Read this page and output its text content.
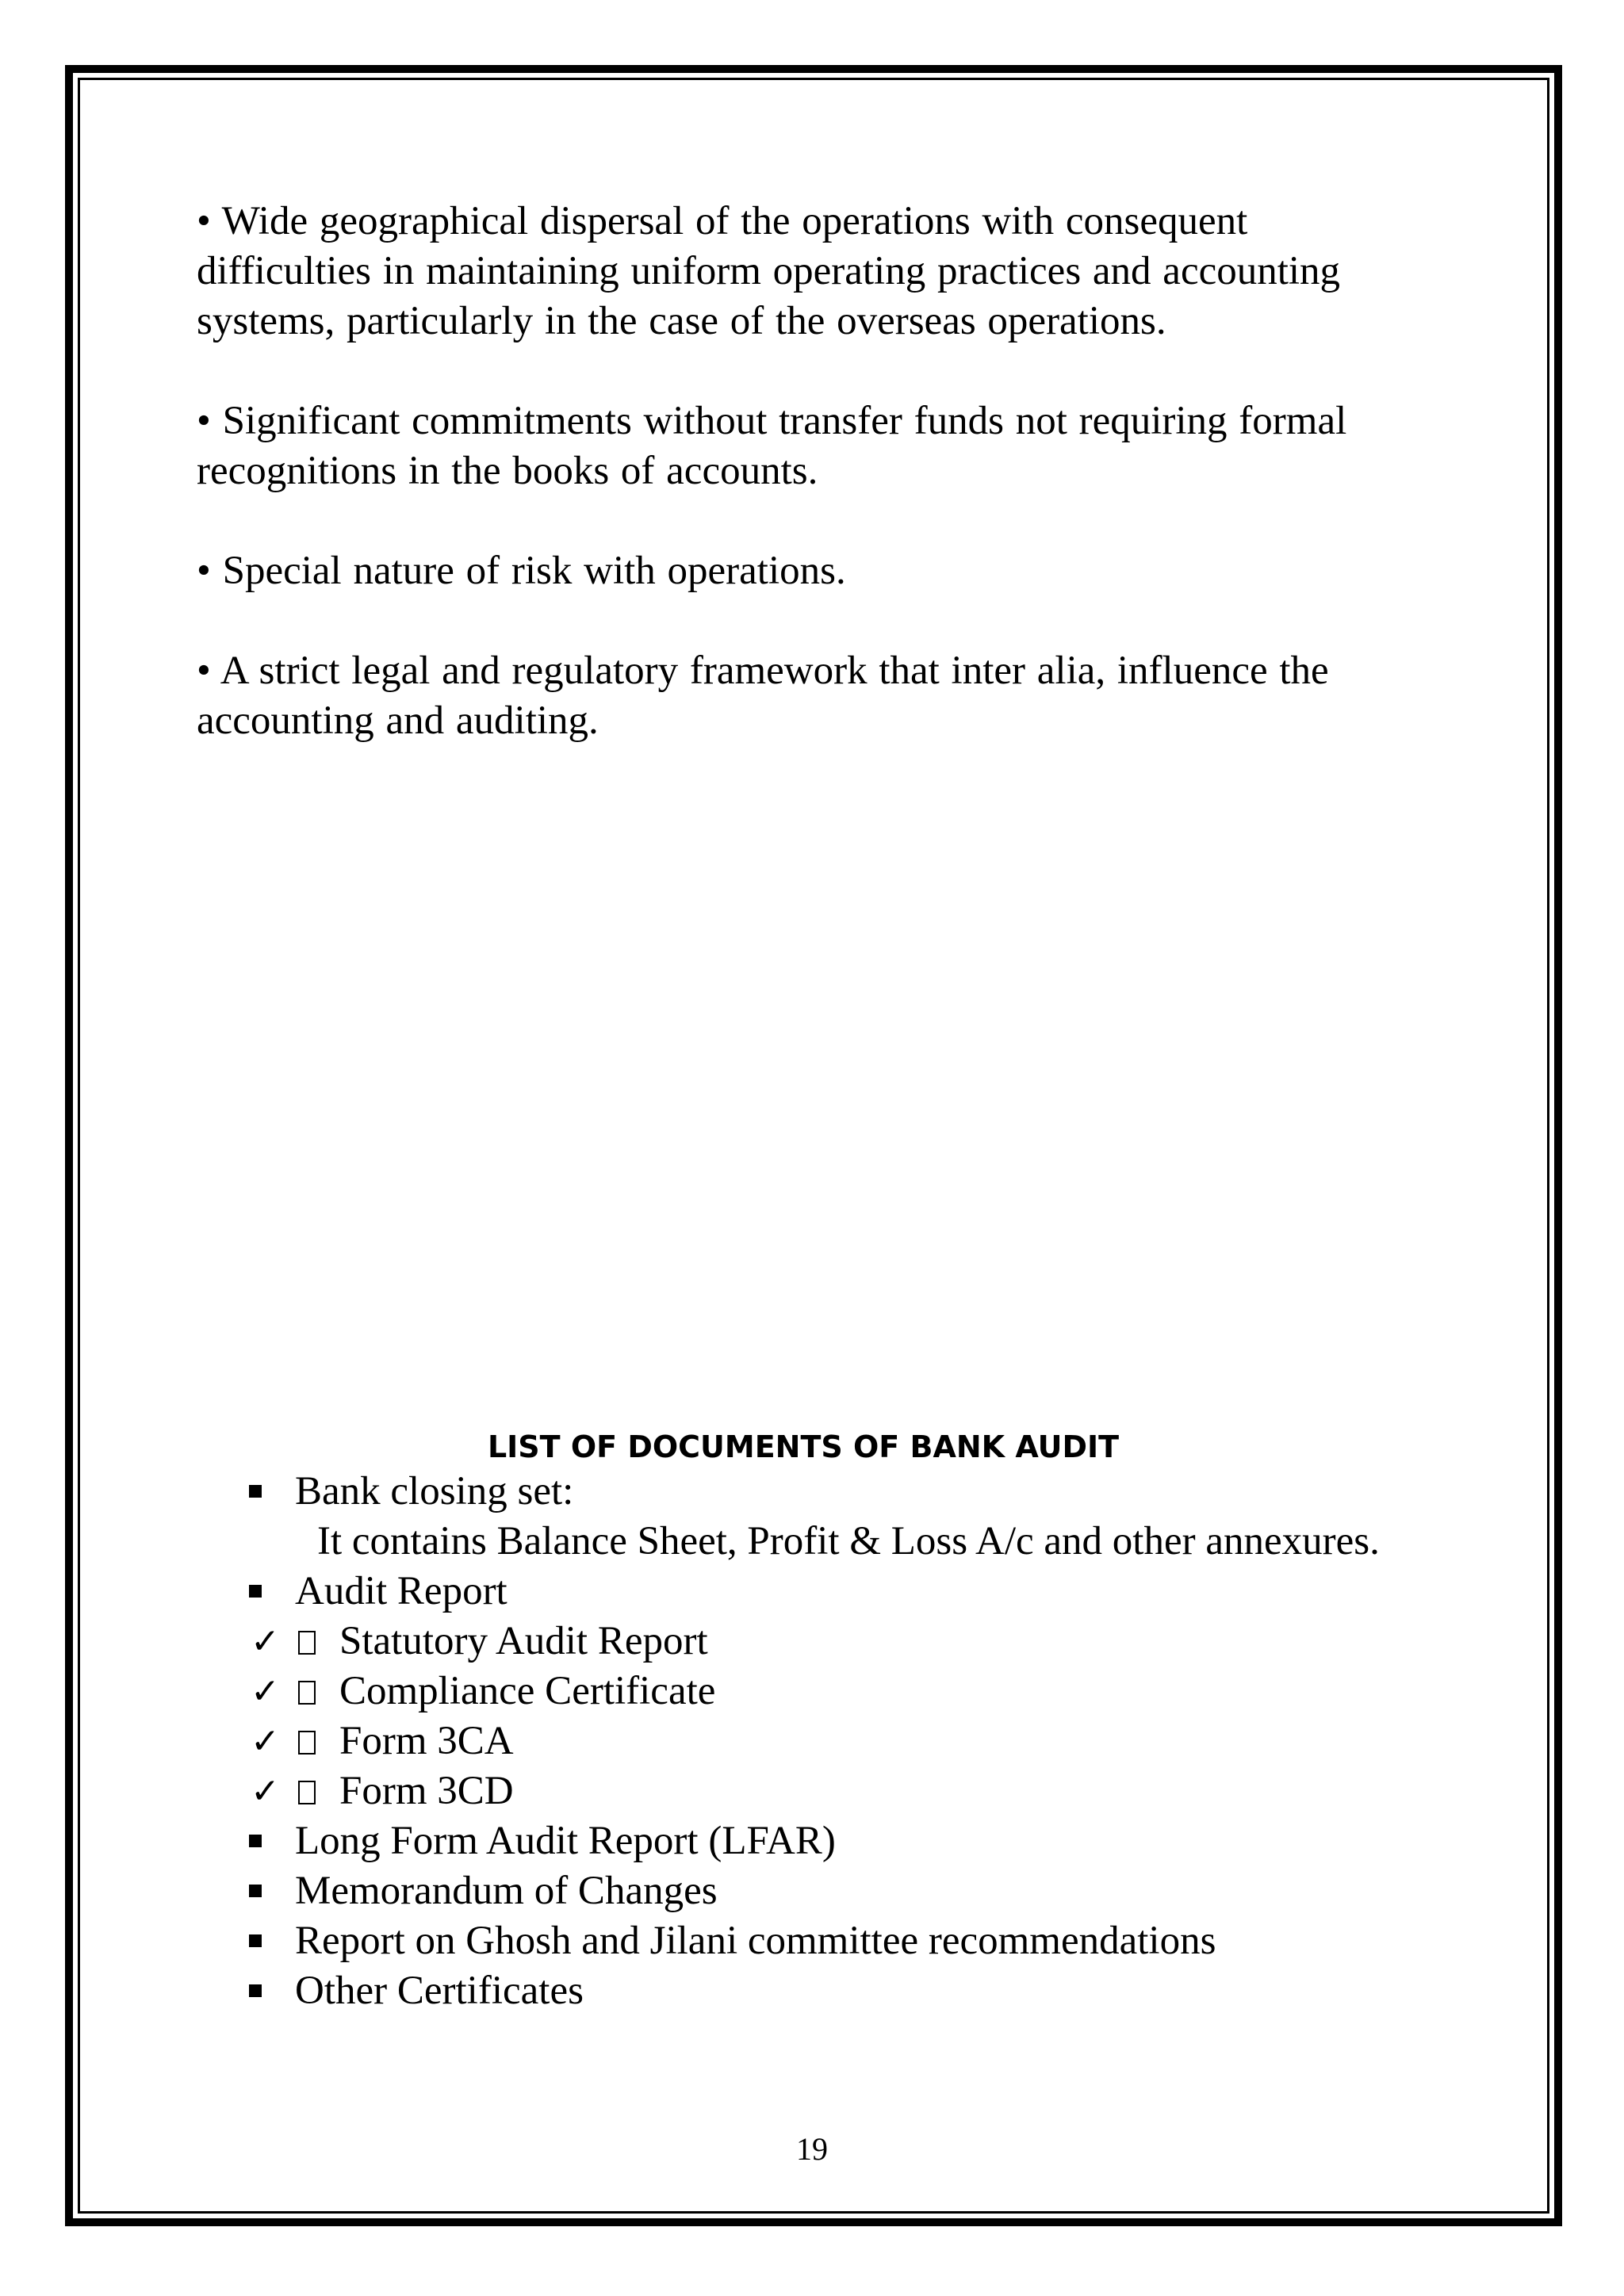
• Wide geographical dispersal of the operations with consequent difficulties in maintaining uniform operating practices and accounting systems, particularly in the case of the overseas operations.

• Significant commitments without transfer funds not requiring formal recognitions in the books of accounts.

• Special nature of risk with operations.

• A strict legal and regulatory framework that inter alia, influence the accounting and auditing.

LIST OF DOCUMENTS OF BANK AUDIT
Bank closing set:
It contains Balance Sheet, Profit & Loss A/c and other annexures.
Audit Report
✓ Statutory Audit Report
✓ Compliance Certificate
✓ Form 3CA
✓ Form 3CD
Long Form Audit Report (LFAR)
Memorandum of Changes
Report on Ghosh and Jilani committee recommendations
Other Certificates
19
